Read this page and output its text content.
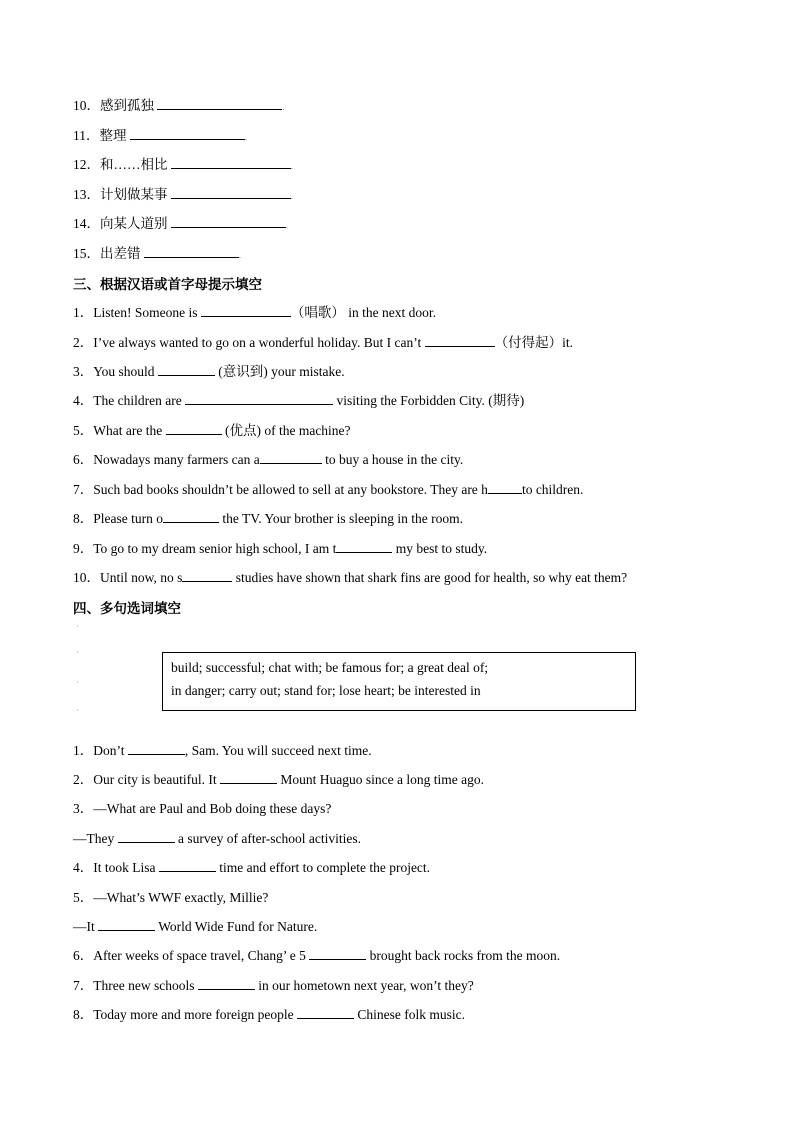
10．感到孤独	.
11．整理	.
12．和……相比	.
13．计划做某事	.
14．向某人道别	.
15．出差错	.
三、根据汉语或首字母提示填空
1．Listen! Someone is	（唱歌） in the next door.
2．I’ve always wanted to go on a wonderful holiday. But I can’t	（付得起）it.
3．You should	(意识到) your mistake.
4．The children are	visiting the Forbidden City. (期待)
5．What are the	(优点) of the machine?
6．Nowadays many farmers can a	to buy a house in the city.
7．Such bad books shouldn’t be allowed to sell at any bookstore. They are h	to children.
8．Please turn o	the TV. Your brother is sleeping in the room.
9．To go to my dream senior high school, I am t	my best to study.
10．Until now, no s	studies have shown that shark fins are good for health, so why eat them?
四、多句选词填空
·
·
·
·
build; successful; chat with; be famous for; a great deal of;
in danger; carry out; stand for; lose heart; be interested in
1．Don’t	, Sam. You will succeed next time.
2．Our city is beautiful. It	Mount Huaguo since a long time ago.
3．—What are Paul and Bob doing these days?
—They	a survey of after-school activities.
4．It took Lisa	time and effort to complete the project.
5．—What’s WWF exactly, Millie?
—It	World Wide Fund for Nature.
6．After weeks of space travel, Chang’ e 5	brought back rocks from the moon.
7．Three new schools	in our hometown next year, won’t they?
8．Today more and more foreign people	Chinese folk music.
